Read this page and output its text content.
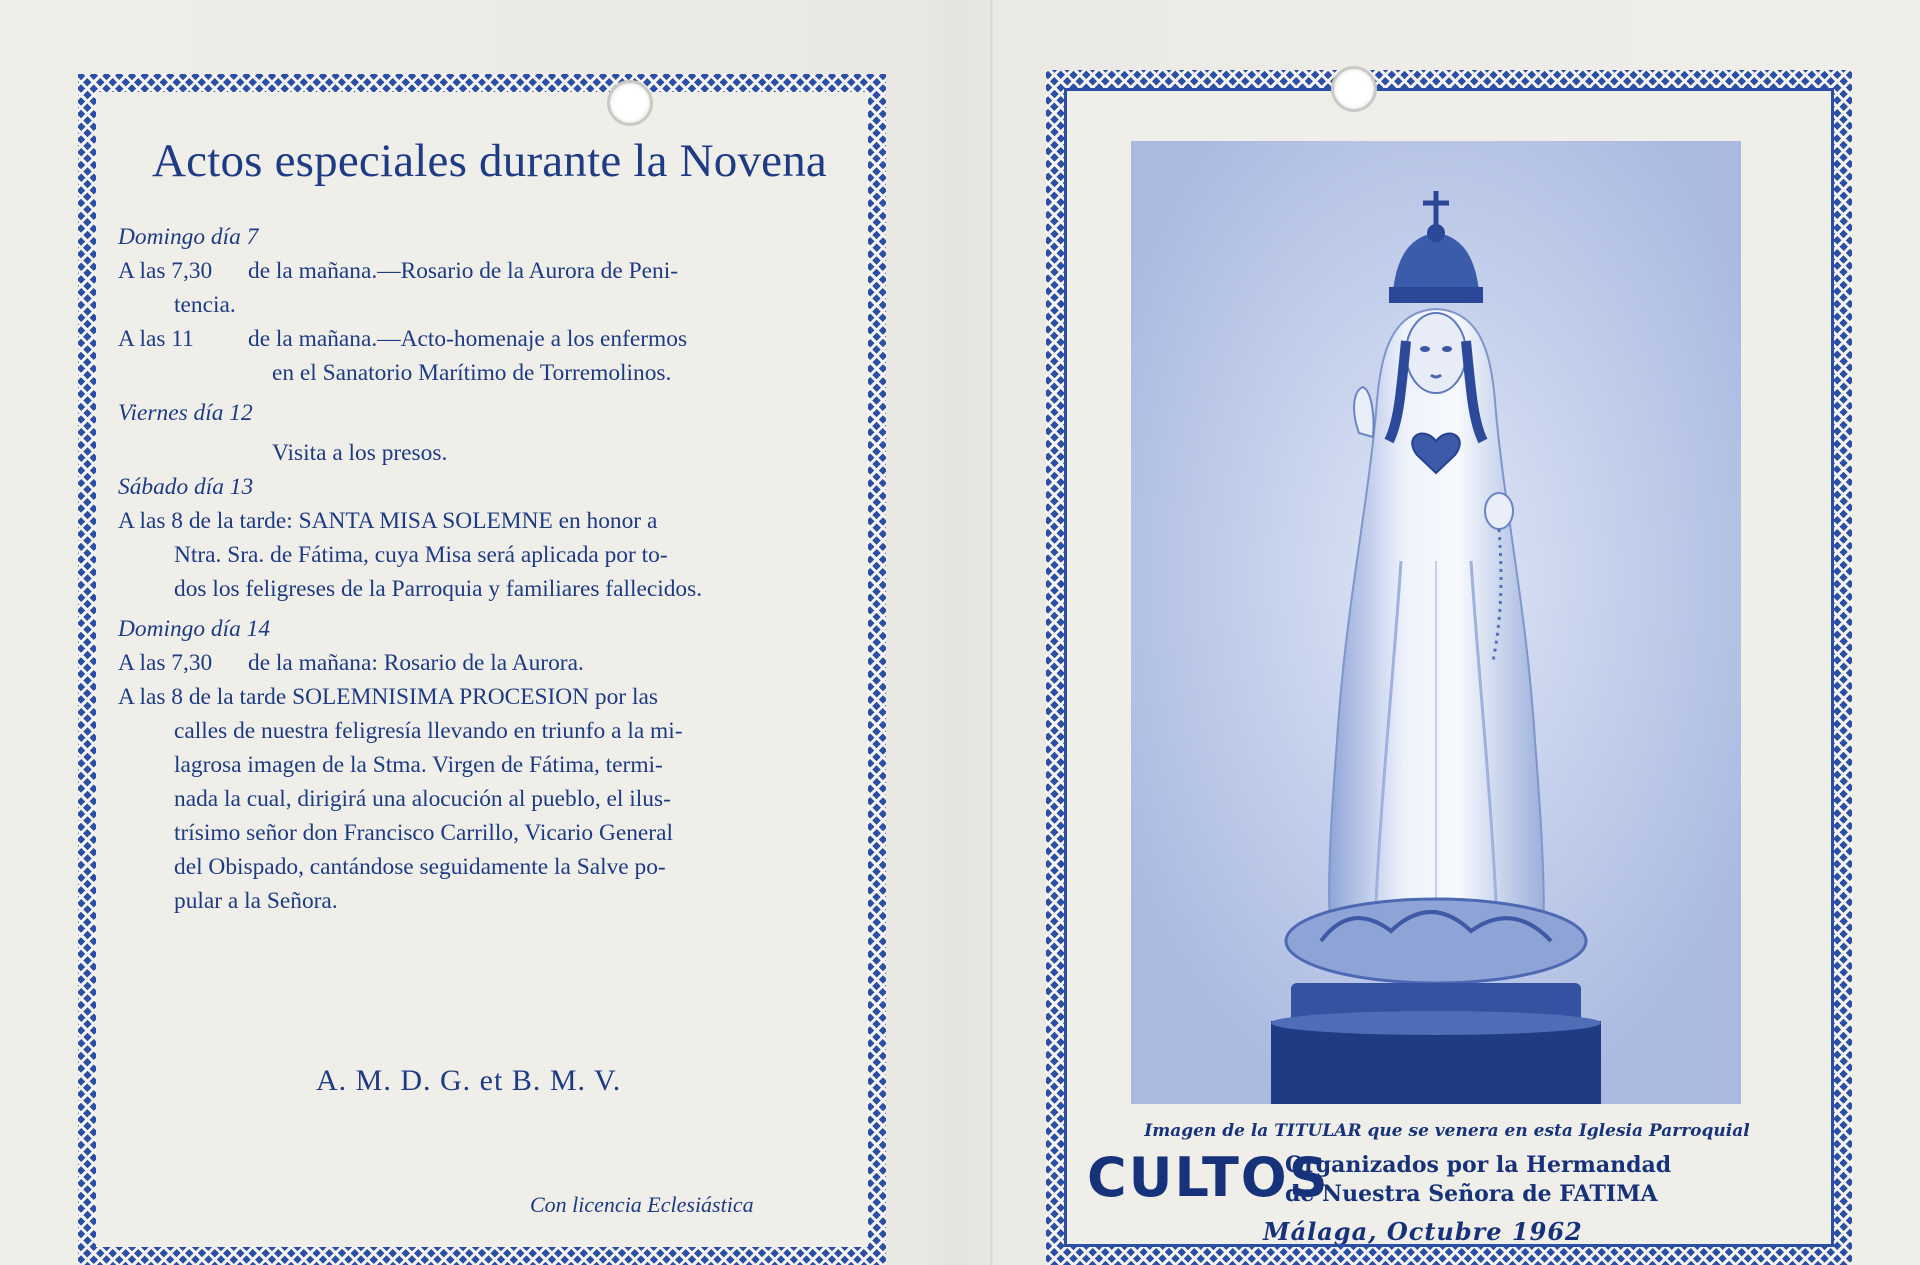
Actos especiales durante la Novena

Domingo día 7

A las 7,30	de la mañana.—Rosario de la Aurora de Peni-

tencia.

A las 11	de la mañana.—Acto-homenaje a los enfermos

en el Sanatorio Marítimo de Torremolinos.

Viernes día 12

Visita a los presos.

Sábado día 13

A las 8 de la tarde: SANTA MISA SOLEMNE en honor a

Ntra. Sra. de Fátima, cuya Misa será aplicada por to-

dos los feligreses de la Parroquia y familiares fallecidos.

Domingo día 14

A las 7,30	de la mañana: Rosario de la Aurora.

A las 8 de la tarde SOLEMNISIMA PROCESION por las

calles de nuestra feligresía llevando en triunfo a la mi-

lagrosa imagen de la Stma. Virgen de Fátima, termi-

nada la cual, dirigirá una alocución al pueblo, el ilus-

trísimo señor don Francisco Carrillo, Vicario General

del Obispado, cantándose seguidamente la Salve po-

pular a la Señora.

A. M. D. G. et B. M. V.
Con licencia Eclesiástica
Imagen de la TITULAR que se venera en esta Iglesia Parroquial
CULTOS
Organizados por la Hermandad
de Nuestra Señora de FATIMA
Málaga, Octubre 1962
